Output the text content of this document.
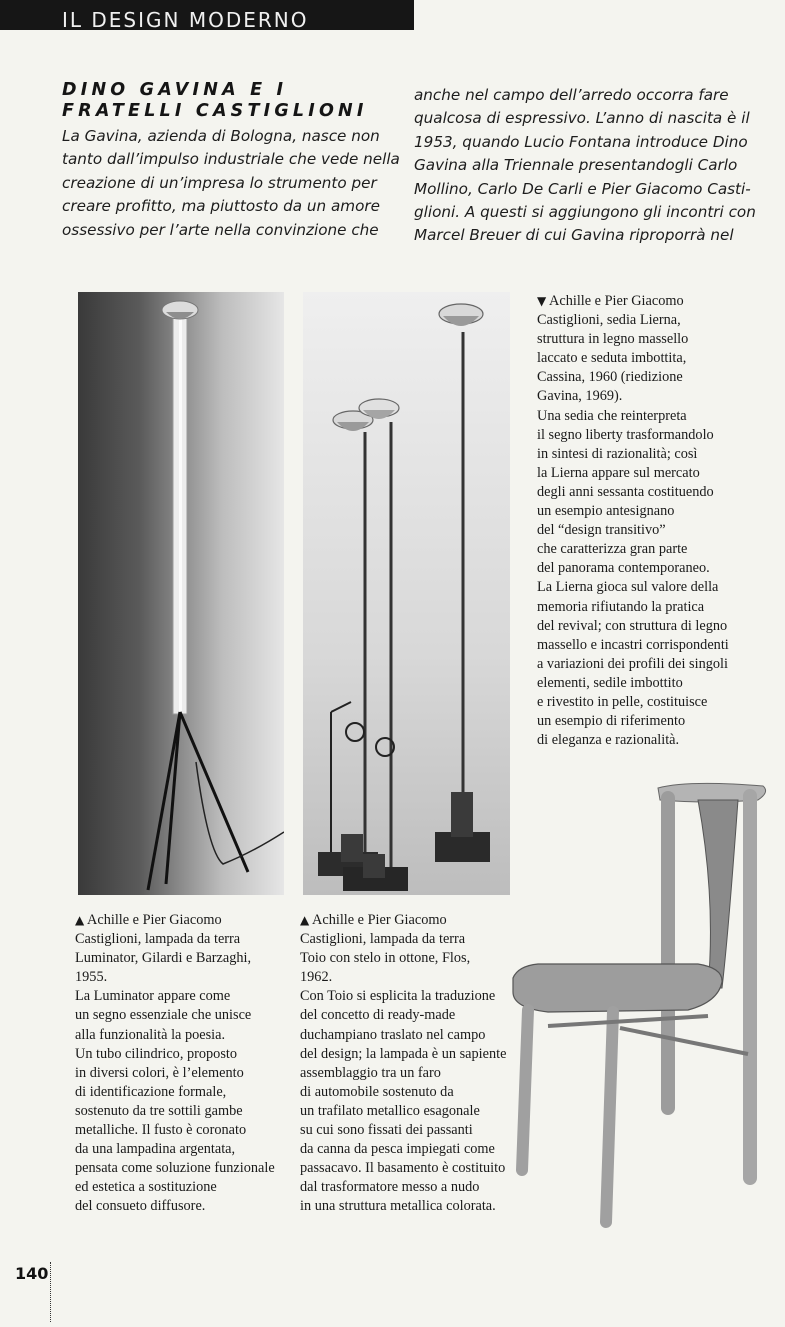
IL DESIGN MODERNO
DINO GAVINA E I
FRATELLI CASTIGLIONI
La Gavina, azienda di Bologna, nasce non
tanto dall’impulso industriale che vede nella
creazione di un’impresa lo strumento per
creare profitto, ma piuttosto da un amore
ossessivo per l’arte nella convinzione che
anche nel campo dell’arredo occorra fare
qualcosa di espressivo. L’anno di nascita è il
1953, quando Lucio Fontana introduce Dino
Gavina alla Triennale presentandogli Carlo
Mollino, Carlo De Carli e Pier Giacomo Casti-
glioni. A questi si aggiungono gli incontri con
Marcel Breuer di cui Gavina riproporrà nel

▼ Achille e Pier Giacomo
Castiglioni, sedia Lierna,
struttura in legno massello
laccato e seduta imbottita,
Cassina, 1960 (riedizione
Gavina, 1969).
Una sedia che reinterpreta
il segno liberty trasformandolo
in sintesi di razionalità; così
la Lierna appare sul mercato
degli anni sessanta costituendo
un esempio antesignano
del “design transitivo”
che caratterizza gran parte
del panorama contemporaneo.
La Lierna gioca sul valore della
memoria rifiutando la pratica
del revival; con struttura di legno
massello e incastri corrispondenti
a variazioni dei profili dei singoli
elementi, sedile imbottito
e rivestito in pelle, costituisce
un esempio di riferimento
di eleganza e razionalità.

▲ Achille e Pier Giacomo
Castiglioni, lampada da terra
Luminator, Gilardi e Barzaghi,
1955.
La Luminator appare come
un segno essenziale che unisce
alla funzionalità la poesia.
Un tubo cilindrico, proposto
in diversi colori, è l’elemento
di identificazione formale,
sostenuto da tre sottili gambe
metalliche. Il fusto è coronato
da una lampadina argentata,
pensata come soluzione funzionale
ed estetica a sostituzione
del consueto diffusore.

▲ Achille e Pier Giacomo
Castiglioni, lampada da terra
Toio con stelo in ottone, Flos,
1962.
Con Toio si esplicita la traduzione
del concetto di ready-made
duchampiano traslato nel campo
del design; la lampada è un sapiente
assemblaggio tra un faro
di automobile sostenuto da
un trafilato metallico esagonale
su cui sono fissati dei passanti
da canna da pesca impiegati come
passacavo. Il basamento è costituito
dal trasformatore messo a nudo
in una struttura metallica colorata.

140
